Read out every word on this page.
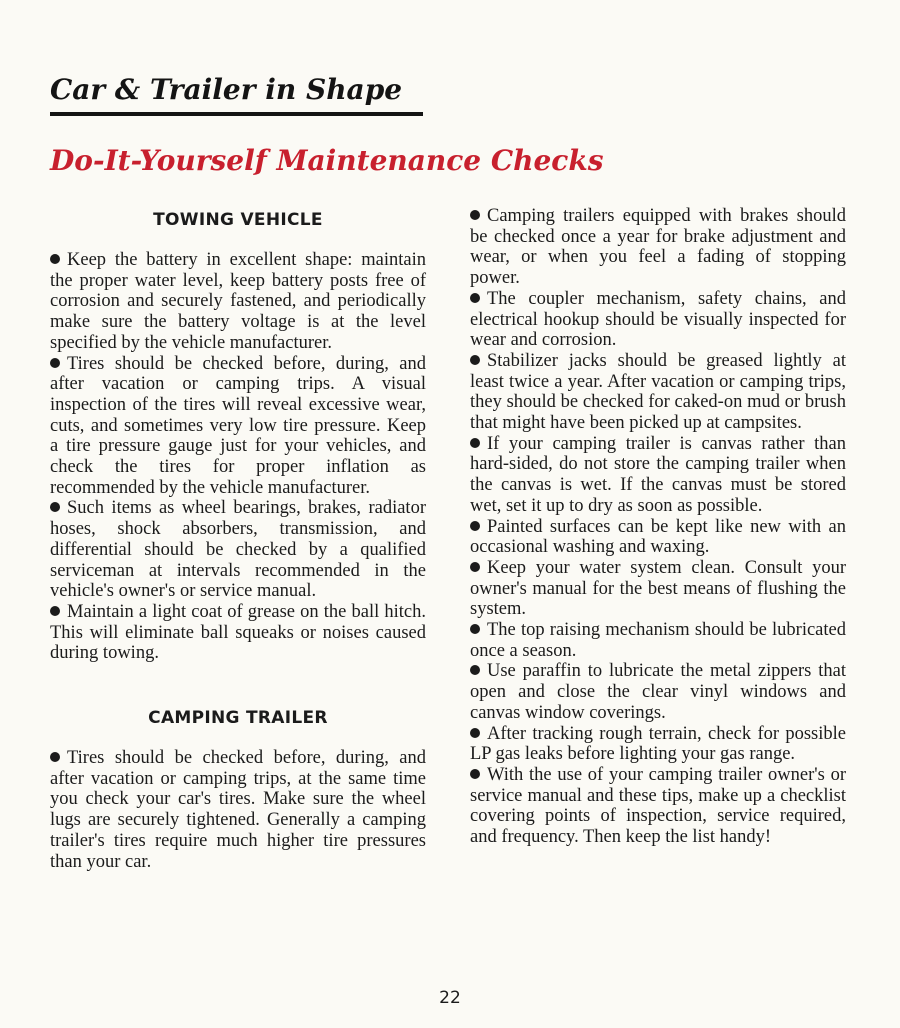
Car & Trailer in Shape
Do-It-Yourself Maintenance Checks
TOWING VEHICLE

Keep the battery in excellent shape: maintain the proper water level, keep battery posts free of corrosion and securely fastened, and periodically make sure the battery voltage is at the level specified by the vehicle manufacturer.

Tires should be checked before, during, and after vacation or camping trips. A visual inspection of the tires will reveal excessive wear, cuts, and sometimes very low tire pressure. Keep a tire pressure gauge just for your vehicles, and check the tires for proper inflation as recommended by the vehicle manufacturer.

Such items as wheel bearings, brakes, radiator hoses, shock absorbers, transmission, and differential should be checked by a qualified serviceman at intervals recommended in the vehicle's owner's or service manual.

Maintain a light coat of grease on the ball hitch. This will eliminate ball squeaks or noises caused during towing.

CAMPING TRAILER

Tires should be checked before, during, and after vacation or camping trips, at the same time you check your car's tires. Make sure the wheel lugs are securely tightened. Generally a camping trailer's tires require much higher tire pressures than your car.

Camping trailers equipped with brakes should be checked once a year for brake adjustment and wear, or when you feel a fading of stopping power.

The coupler mechanism, safety chains, and electrical hookup should be visually inspected for wear and corrosion.

Stabilizer jacks should be greased lightly at least twice a year. After vacation or camping trips, they should be checked for caked-on mud or brush that might have been picked up at campsites.

If your camping trailer is canvas rather than hard-sided, do not store the camping trailer when the canvas is wet. If the canvas must be stored wet, set it up to dry as soon as possible.

Painted surfaces can be kept like new with an occasional washing and waxing.

Keep your water system clean. Consult your owner's manual for the best means of flushing the system.

The top raising mechanism should be lubricated once a season.

Use paraffin to lubricate the metal zippers that open and close the clear vinyl windows and canvas window coverings.

After tracking rough terrain, check for possible LP gas leaks before lighting your gas range.

With the use of your camping trailer owner's or service manual and these tips, make up a checklist covering points of inspection, service required, and frequency. Then keep the list handy!

22
